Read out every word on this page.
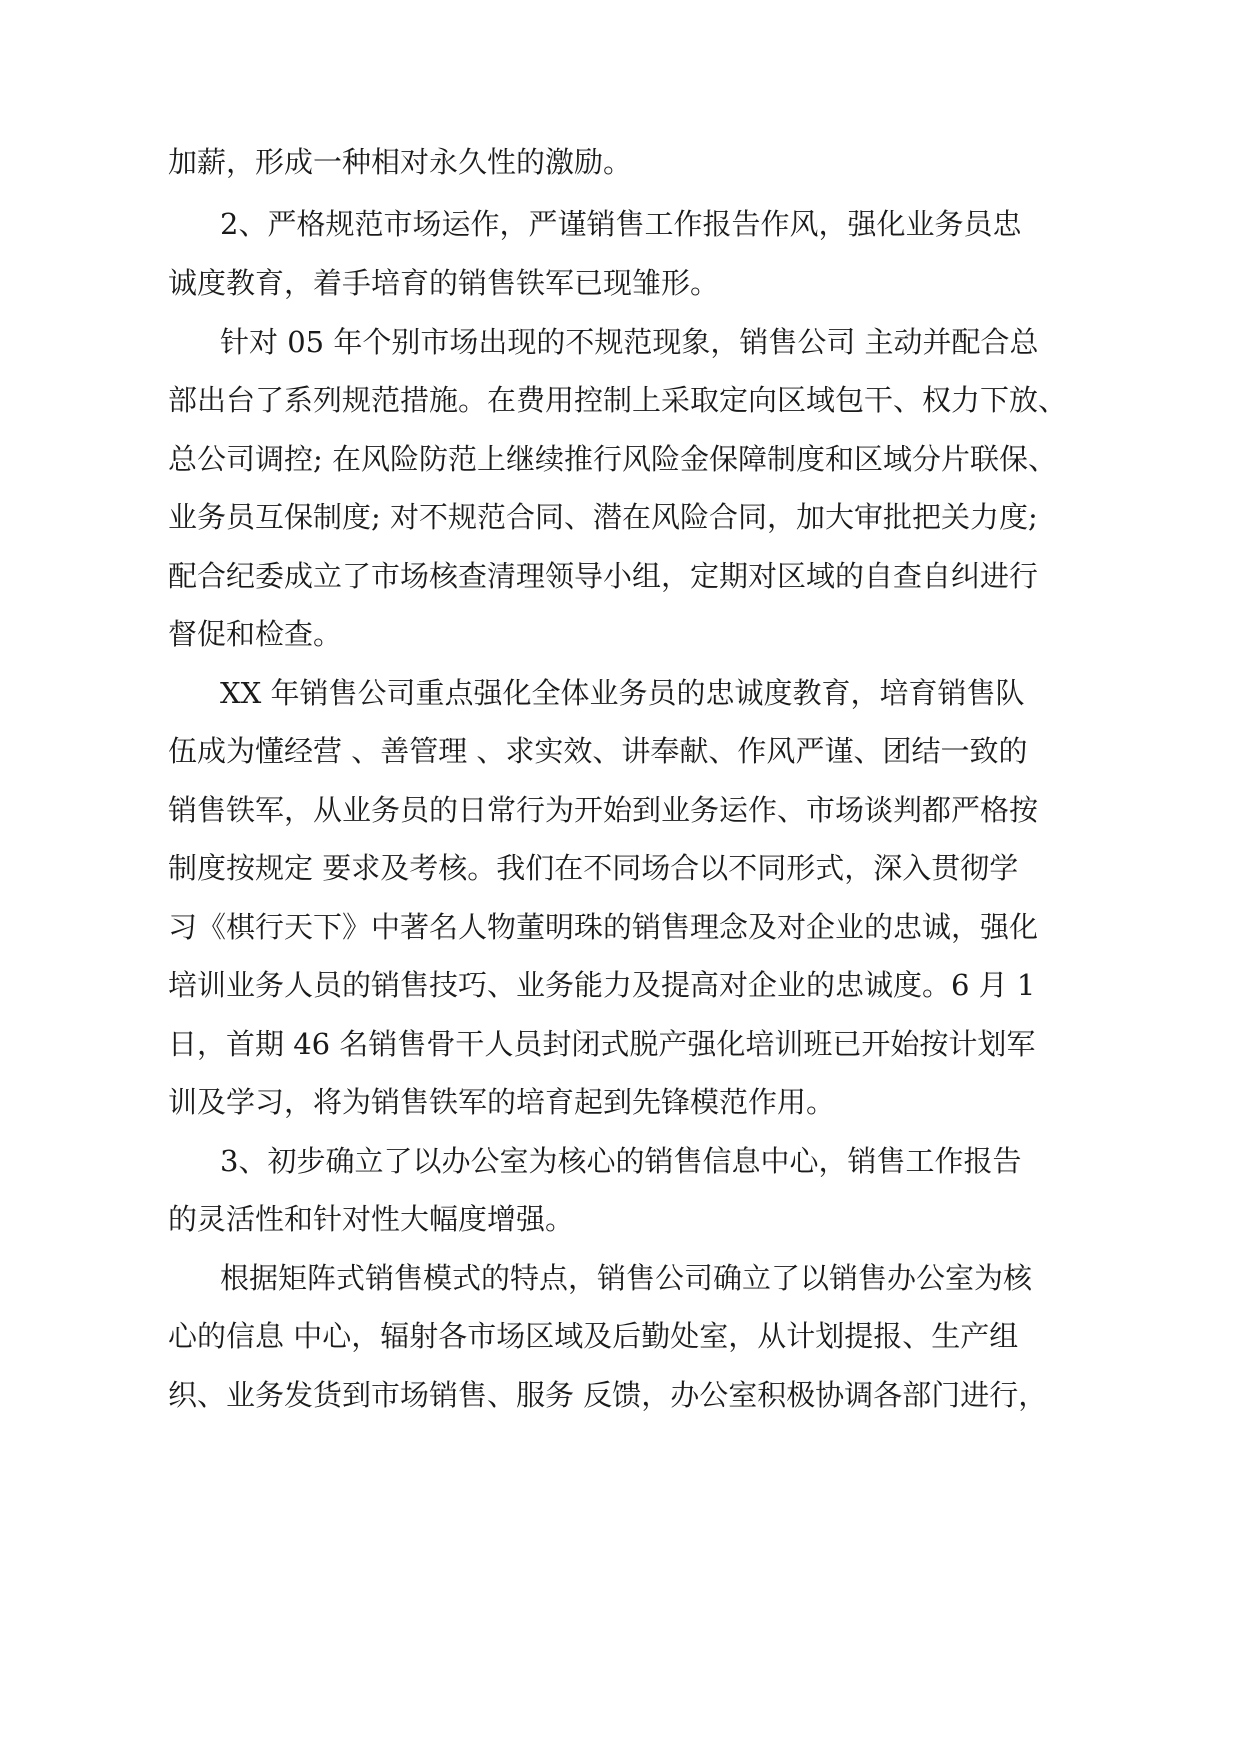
加薪，形成一种相对永久性的激励。

2、严格规范市场运作，严谨销售工作报告作风，强化业务员忠

诚度教育，着手培育的销售铁军已现雏形。

针对 05 年个别市场出现的不规范现象，销售公司 主动并配合总

部出台了系列规范措施。在费用控制上采取定向区域包干、权力下放、

总公司调控; 在风险防范上继续推行风险金保障制度和区域分片联保、

业务员互保制度; 对不规范合同、潜在风险合同，加大审批把关力度;

配合纪委成立了市场核查清理领导小组，定期对区域的自查自纠进行

督促和检查。

XX 年销售公司重点强化全体业务员的忠诚度教育，培育销售队

伍成为懂经营 、善管理 、求实效、讲奉献、作风严谨、团结一致的

销售铁军，从业务员的日常行为开始到业务运作、市场谈判都严格按

制度按规定 要求及考核。我们在不同场合以不同形式，深入贯彻学

习《棋行天下》中著名人物董明珠的销售理念及对企业的忠诚，强化

培训业务人员的销售技巧、业务能力及提高对企业的忠诚度。6 月 1

日，首期 46 名销售骨干人员封闭式脱产强化培训班已开始按计划军

训及学习，将为销售铁军的培育起到先锋模范作用。

3、初步确立了以办公室为核心的销售信息中心，销售工作报告

的灵活性和针对性大幅度增强。

根据矩阵式销售模式的特点，销售公司确立了以销售办公室为核

心的信息 中心，辐射各市场区域及后勤处室，从计划提报、生产组

织、业务发货到市场销售、服务 反馈，办公室积极协调各部门进行，
